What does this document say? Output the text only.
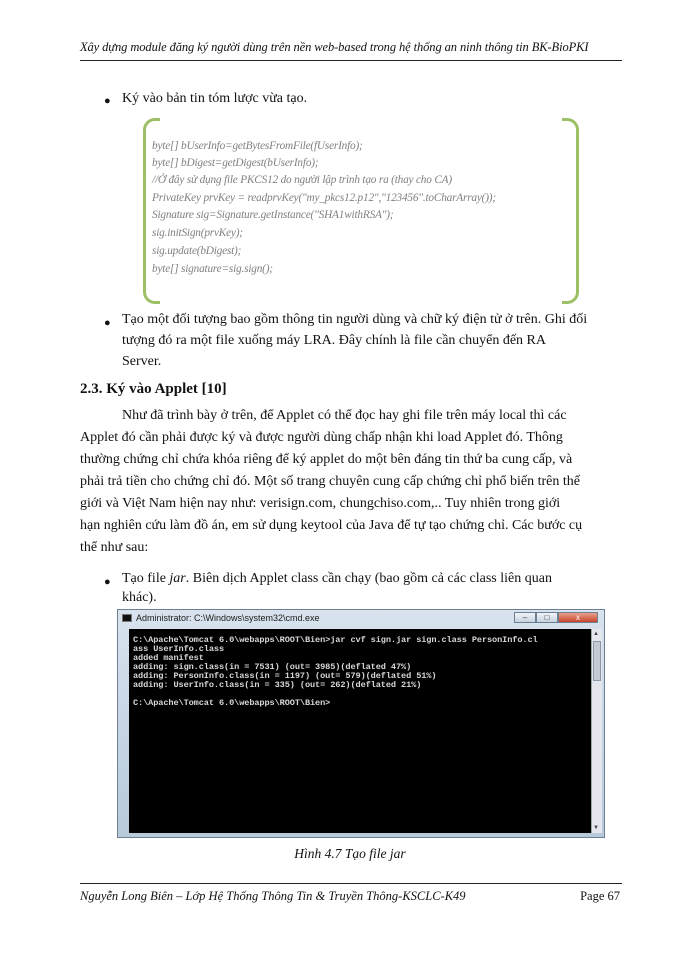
Xây dựng module đăng ký người dùng trên nền web-based trong hệ thống an ninh thông tin BK-BioPKI
● Ký vào bản tin tóm lược vừa tạo.
byte[] bUserInfo=getBytesFromFile(fUserInfo);
byte[] bDigest=getDigest(bUserInfo);
//Ở đây sử dụng file PKCS12 do người lập trình tạo ra (thay cho CA)
PrivateKey prvKey = readprvKey("my_pkcs12.p12","123456".toCharArray());
Signature sig=Signature.getInstance("SHA1withRSA");
sig.initSign(prvKey);
sig.update(bDigest);
byte[] signature=sig.sign();
● Tạo một đối tượng bao gồm thông tin người dùng và chữ ký điện tử ở trên. Ghi đối
tượng đó ra một file xuống máy LRA. Đây chính là file cần chuyển đến RA
Server.
2.3. Ký vào Applet [10]
Như đã trình bày ở trên, để Applet có thể đọc hay ghi file trên máy local thì các
Applet đó cần phải được ký và được người dùng chấp nhận khi load Applet đó. Thông
thường chứng chỉ chứa khóa riêng để ký applet do một bên đáng tin thứ ba cung cấp, và
phải trả tiền cho chứng chỉ đó. Một số trang chuyên cung cấp chứng chỉ phổ biến trên thế
giới và Việt Nam hiện nay như: verisign.com, chungchiso.com,.. Tuy nhiên trong giới
hạn nghiên cứu làm đồ án, em sử dụng keytool của Java để tự tạo chứng chỉ. Các bước cụ
thể như sau:
● Tạo file jar. Biên dịch Applet class cần chạy (bao gồm cả các class liên quan
khác).
Administrator: C:\Windows\system32\cmd.exe	–	□	x
C:\Apache\Tomcat 6.0\webapps\ROOT\Bien>jar cvf sign.jar sign.class PersonInfo.cl
ass UserInfo.class
added manifest
adding: sign.class(in = 7531) (out= 3985)(deflated 47%)
adding: PersonInfo.class(in = 1197) (out= 579)(deflated 51%)
adding: UserInfo.class(in = 335) (out= 262)(deflated 21%)
C:\Apache\Tomcat 6.0\webapps\ROOT\Bien>
▲
▼
Hình 4.7 Tạo file jar
Nguyễn Long Biên – Lớp Hệ Thống Thông Tin & Truyền Thông-KSCLC-K49	Page 67
